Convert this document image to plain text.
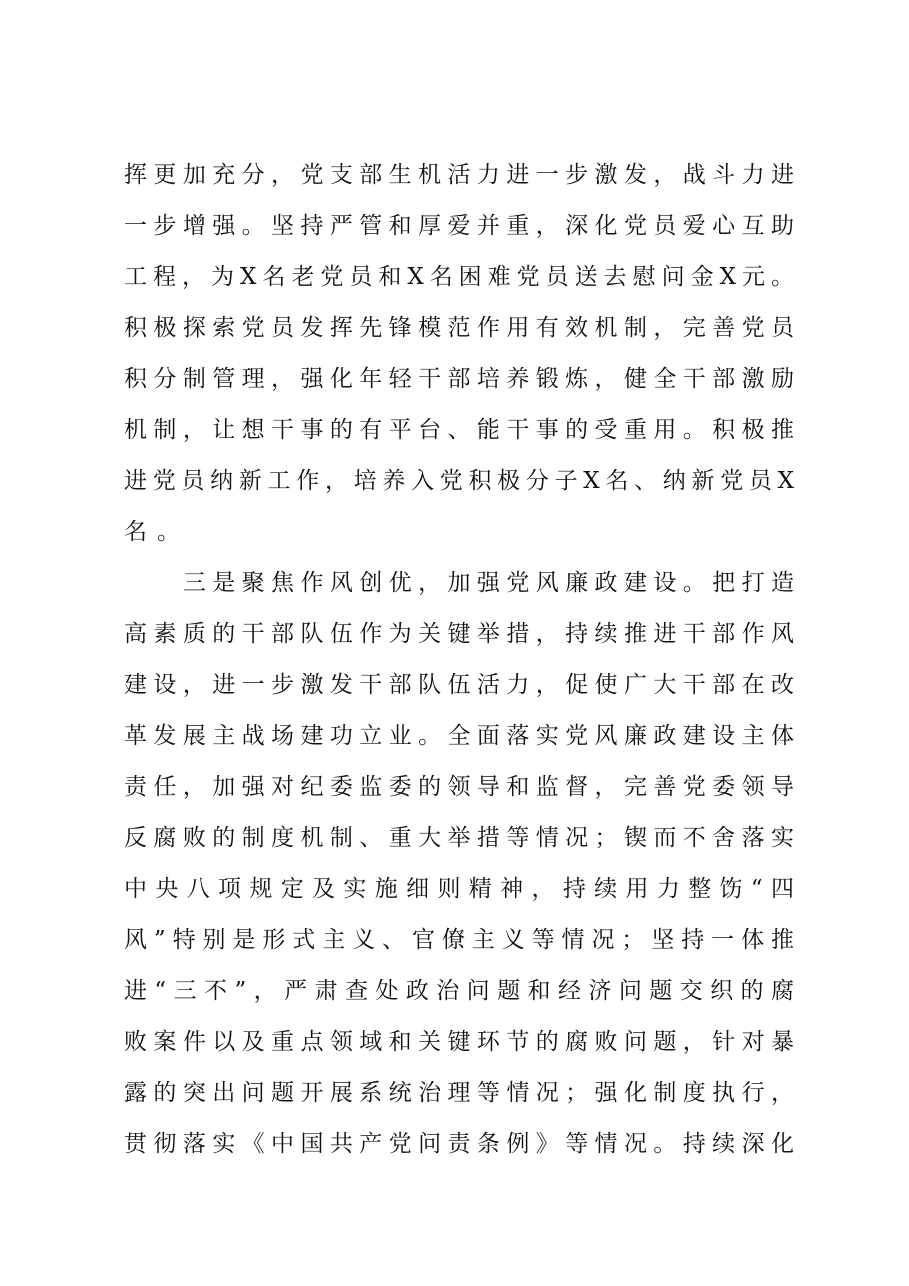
挥更加充分，党支部生机活力进一步激发，战斗力进
一步增强。坚持严管和厚爱并重，深化党员爱心互助
工程，为X名老党员和X名困难党员送去慰问金X元。
积极探索党员发挥先锋模范作用有效机制，完善党员
积分制管理，强化年轻干部培养锻炼，健全干部激励
机制，让想干事的有平台、能干事的受重用。积极推
进党员纳新工作，培养入党积极分子X名、纳新党员X
名。
　　三是聚焦作风创优，加强党风廉政建设。把打造
高素质的干部队伍作为关键举措，持续推进干部作风
建设，进一步激发干部队伍活力，促使广大干部在改
革发展主战场建功立业。全面落实党风廉政建设主体
责任，加强对纪委监委的领导和监督，完善党委领导
反腐败的制度机制、重大举措等情况；锲而不舍落实
中央八项规定及实施细则精神，持续用力整饬“四
风”特别是形式主义、官僚主义等情况；坚持一体推
进“三不”，严肃查处政治问题和经济问题交织的腐
败案件以及重点领域和关键环节的腐败问题，针对暴
露的突出问题开展系统治理等情况；强化制度执行，
贯彻落实《中国共产党问责条例》等情况。持续深化
